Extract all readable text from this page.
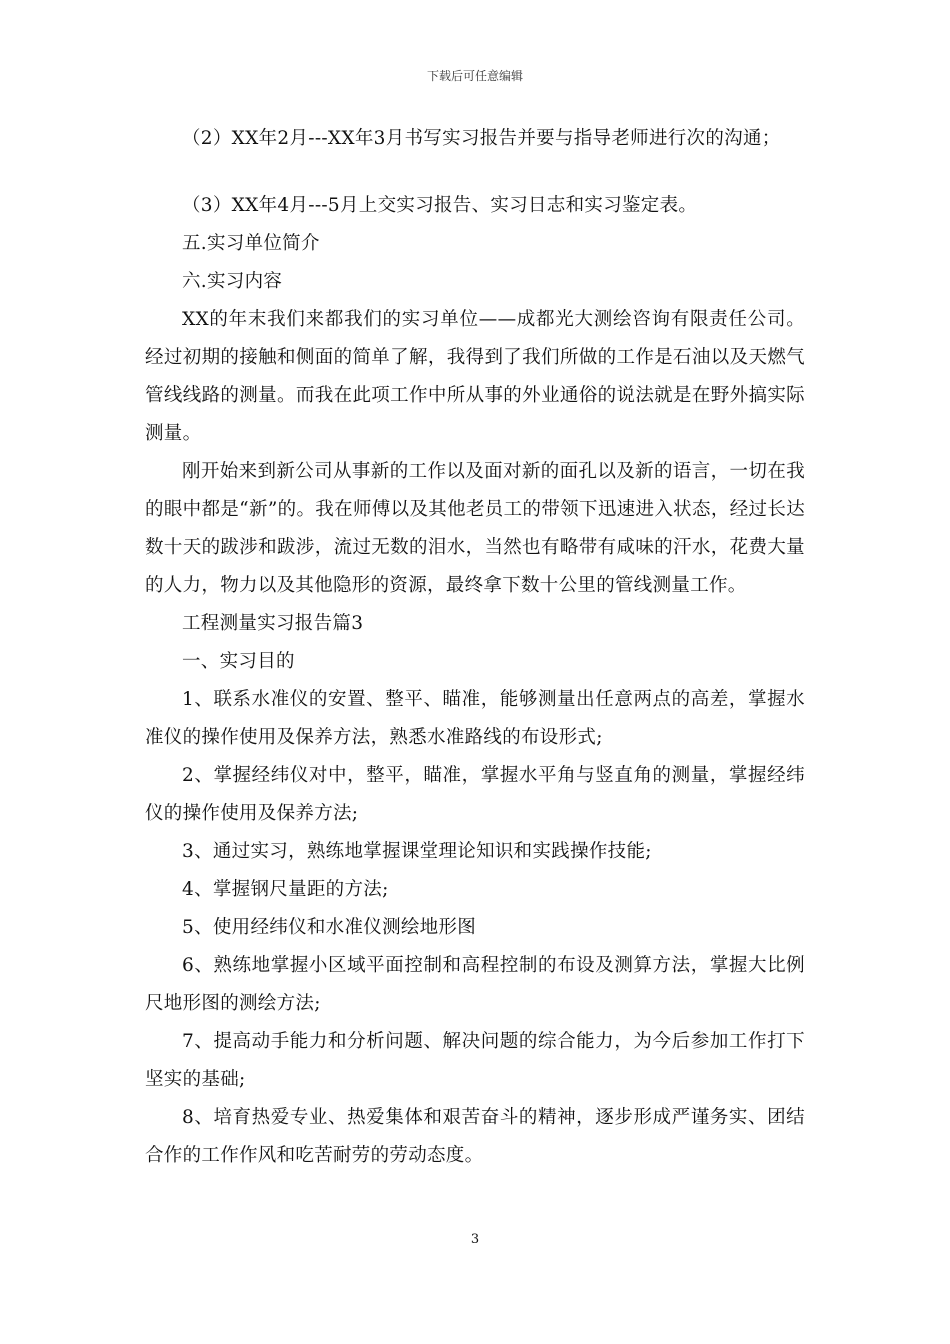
下载后可任意编辑

（2）XX年2月---XX年3月书写实习报告并要与指导老师进行次的沟通；

（3）XX年4月---5月上交实习报告、实习日志和实习鉴定表。

五.实习单位简介

六.实习内容

XX的年末我们来都我们的实习单位——成都光大测绘咨询有限责任公司。经过初期的接触和侧面的简单了解，我得到了我们所做的工作是石油以及天燃气管线线路的测量。而我在此项工作中所从事的外业通俗的说法就是在野外搞实际测量。

刚开始来到新公司从事新的工作以及面对新的面孔以及新的语言，一切在我的眼中都是“新”的。我在师傅以及其他老员工的带领下迅速进入状态，经过长达数十天的跋涉和跋涉，流过无数的泪水，当然也有略带有咸味的汗水，花费大量的人力，物力以及其他隐形的资源，最终拿下数十公里的管线测量工作。

工程测量实习报告篇3

一、实习目的

1、联系水准仪的安置、整平、瞄准，能够测量出任意两点的高差，掌握水准仪的操作使用及保养方法，熟悉水准路线的布设形式;

2、掌握经纬仪对中，整平，瞄准，掌握水平角与竖直角的测量，掌握经纬仪的操作使用及保养方法;

3、通过实习，熟练地掌握课堂理论知识和实践操作技能;

4、掌握钢尺量距的方法;

5、使用经纬仪和水准仪测绘地形图

6、熟练地掌握小区域平面控制和高程控制的布设及测算方法，掌握大比例尺地形图的测绘方法;

7、提高动手能力和分析问题、解决问题的综合能力，为今后参加工作打下坚实的基础;

8、培育热爱专业、热爱集体和艰苦奋斗的精神，逐步形成严谨务实、团结合作的工作作风和吃苦耐劳的劳动态度。

3
